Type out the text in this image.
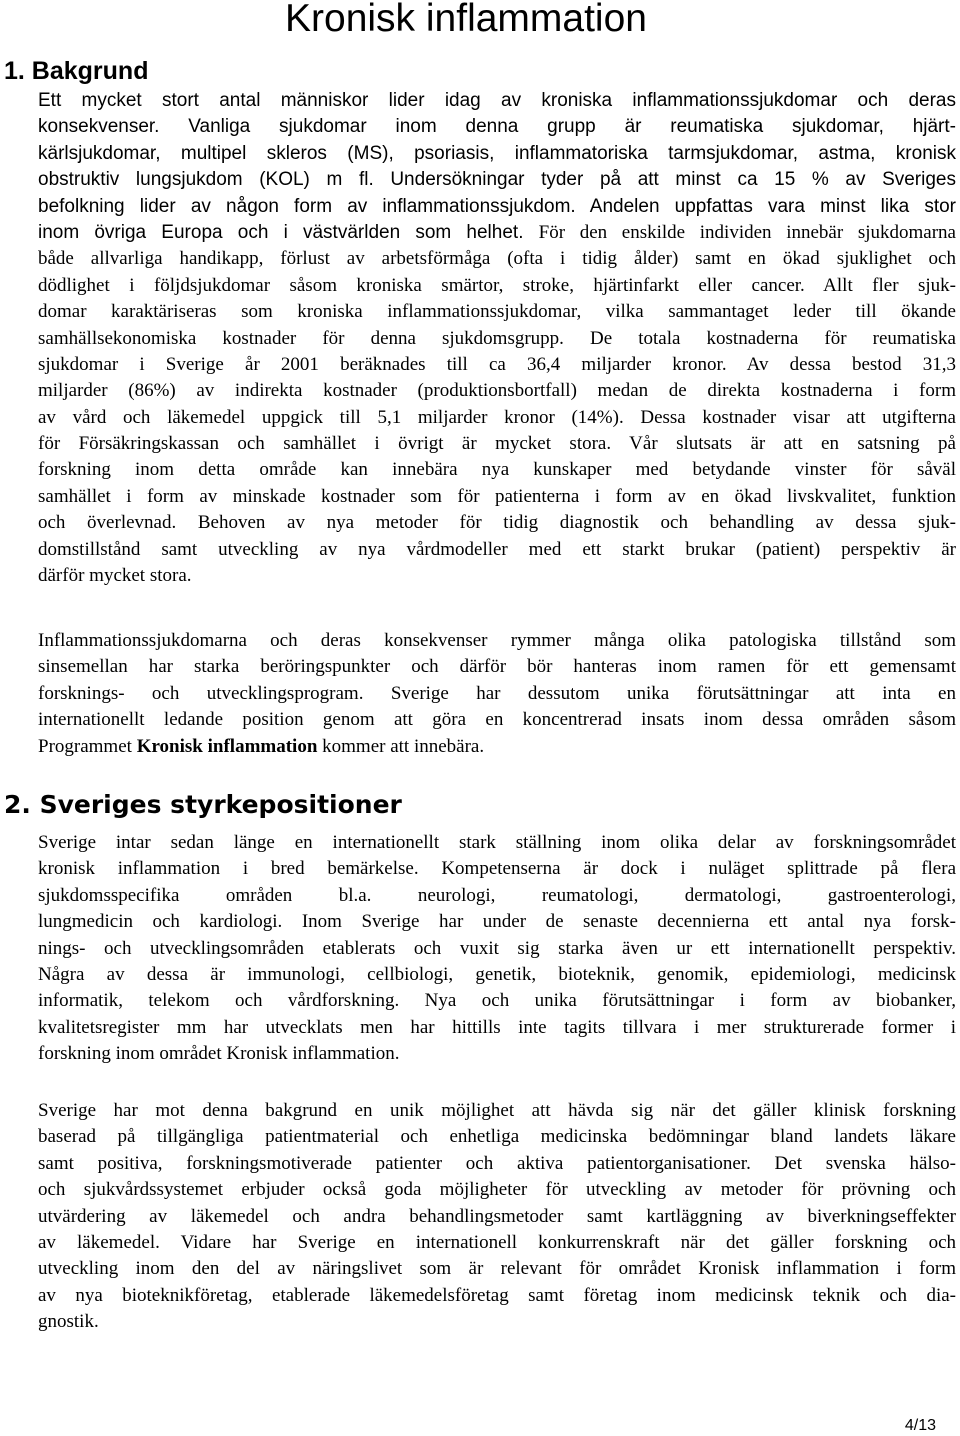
Kronisk inflammation
1. Bakgrund
Ett mycket stort antal människor lider idag av kroniska inflammationssjukdomar och deras
konsekvenser. Vanliga sjukdomar inom denna grupp är reumatiska sjukdomar, hjärt-
kärlsjukdomar, multipel skleros (MS), psoriasis, inflammatoriska tarmsjukdomar, astma, kronisk
obstruktiv lungsjukdom (KOL) m fl. Undersökningar tyder på att minst ca 15 % av Sveriges
befolkning lider av någon form av inflammationssjukdom. Andelen uppfattas vara minst lika stor
inom övriga Europa och i västvärlden som helhet. För den enskilde individen innebär sjukdomarna
både allvarliga handikapp, förlust av arbetsförmåga (ofta i tidig ålder) samt en ökad sjuklighet och
dödlighet i följdsjukdomar såsom kroniska smärtor, stroke, hjärtinfarkt eller cancer. Allt fler sjuk-
domar karaktäriseras som kroniska inflammationssjukdomar, vilka sammantaget leder till ökande
samhällsekonomiska kostnader för denna sjukdomsgrupp. De totala kostnaderna för reumatiska
sjukdomar i Sverige år 2001 beräknades till ca 36,4 miljarder kronor. Av dessa bestod 31,3
miljarder (86%) av indirekta kostnader (produktionsbortfall) medan de direkta kostnaderna i form
av vård och läkemedel uppgick till 5,1 miljarder kronor (14%). Dessa kostnader visar att utgifterna
för Försäkringskassan och samhället i övrigt är mycket stora. Vår slutsats är att en satsning på
forskning inom detta område kan innebära nya kunskaper med betydande vinster för såväl
samhället i form av minskade kostnader som för patienterna i form av en ökad livskvalitet, funktion
och överlevnad. Behoven av nya metoder för tidig diagnostik och behandling av dessa sjuk-
domstillstånd samt utveckling av nya vårdmodeller med ett starkt brukar (patient) perspektiv är
därför mycket stora.
Inflammationssjukdomarna och deras konsekvenser rymmer många olika patologiska tillstånd som
sinsemellan har starka beröringspunkter och därför bör hanteras inom ramen för ett gemensamt
forsknings- och utvecklingsprogram. Sverige har dessutom unika förutsättningar att inta en
internationellt ledande position genom att göra en koncentrerad insats inom dessa områden såsom
Programmet Kronisk inflammation kommer att innebära.
2. Sveriges styrkepositioner
Sverige intar sedan länge en internationellt stark ställning inom olika delar av forskningsområdet
kronisk inflammation i bred bemärkelse. Kompetenserna är dock i nuläget splittrade på flera
sjukdomsspecifika områden bl.a. neurologi, reumatologi, dermatologi, gastroenterologi,
lungmedicin och kardiologi. Inom Sverige har under de senaste decennierna ett antal nya forsk-
nings- och utvecklingsområden etablerats och vuxit sig starka även ur ett internationellt perspektiv.
Några av dessa är immunologi, cellbiologi, genetik, bioteknik, genomik, epidemiologi, medicinsk
informatik, telekom och vårdforskning. Nya och unika förutsättningar i form av biobanker,
kvalitetsregister mm har utvecklats men har hittills inte tagits tillvara i mer strukturerade former i
forskning inom området Kronisk inflammation.
Sverige har mot denna bakgrund en unik möjlighet att hävda sig när det gäller klinisk forskning
baserad på tillgängliga patientmaterial och enhetliga medicinska bedömningar bland landets läkare
samt positiva, forskningsmotiverade patienter och aktiva patientorganisationer. Det svenska hälso-
och sjukvårdssystemet erbjuder också goda möjligheter för utveckling av metoder för prövning och
utvärdering av läkemedel och andra behandlingsmetoder samt kartläggning av biverkningseffekter
av läkemedel. Vidare har Sverige en internationell konkurrenskraft när det gäller forskning och
utveckling inom den del av näringslivet som är relevant för området Kronisk inflammation i form
av nya bioteknikföretag, etablerade läkemedelsföretag samt företag inom medicinsk teknik och dia-
gnostik.
4/13
